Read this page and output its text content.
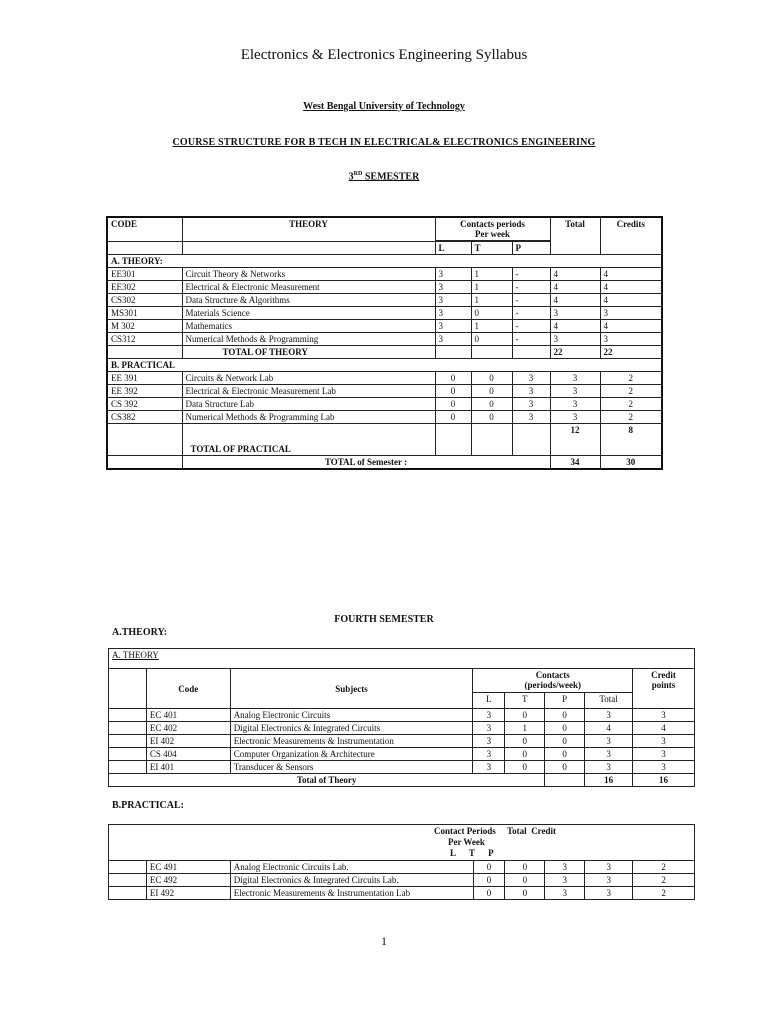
Electronics & Electronics Engineering Syllabus
West Bengal University of Technology
COURSE STRUCTURE FOR B TECH IN ELECTRICAL& ELECTRONICS ENGINEERING
3RD SEMESTER
CODE	THEORY	Contacts periods
Per week			Total	Credits

		L	T	P		
A. THEORY:						
EE301	Circuit Theory & Networks	3	1	-	4	4
EE302	Electrical & Electronic Measurement	3	1	-	4	4
CS302	Data Structure & Algorithms	3	1	-	4	4
MS301	Materials Science	3	0	-	3	3
M 302	Mathematics	3	1	-	4	4
CS312	Numerical Methods & Programming	3	0	-	3	3
	TOTAL OF THEORY				22	22
B. PRACTICAL						
EE 391	Circuits & Network Lab	0	0	3	3	2
EE 392	Electrical & Electronic Measurement Lab	0	0	3	3	2
CS 392	Data Structure Lab	0	0	3	3	2
CS382	Numerical Methods & Programming Lab	0	0	3	3	2
	TOTAL OF PRACTICAL				12	8
	TOTAL of Semester :				34	30
FOURTH SEMESTER
A.THEORY:
A. THEORY							
	Code	Subjects	Contacts
(periods/week)				Credit
points
			L	T	P	Total	
	EC 401	Analog Electronic Circuits	3	0	0	3	3
	EC 402	Digital Electronics & Integrated Circuits	3	1	0	4	4
	EI 402	Electronic Measurements & Instrumentation	3	0	0	3	3
	CS 404	Computer Organization & Architecture	3	0	0	3	3
	EI 401	Transducer & Sensors	3	0	0	3	3
Total of Theory						16	16
B.PRACTICAL:
Contact Periods Total Credit
Per Week
L      T      P							
	EC 491	Analog Electronic Circuits Lab.	0	0	3	3	2
	EC 492	Digital Electronics & Integrated Circuits Lab.	0	0	3	3	2
	EI 492	Electronic Measurements & Instrumentation Lab	0	0	3	3	2
1
